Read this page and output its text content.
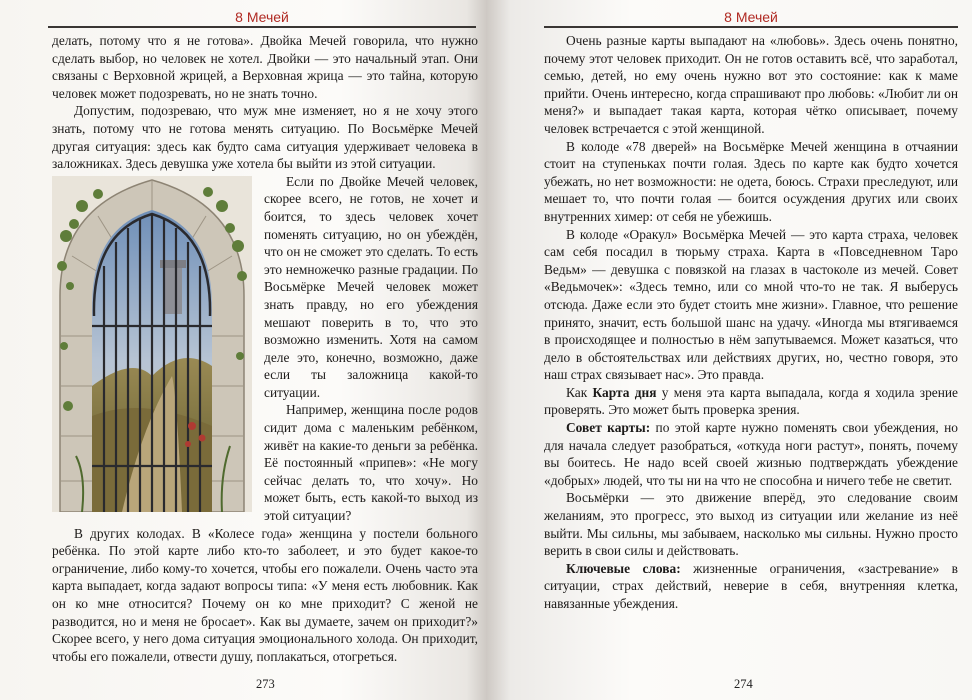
8 Мечей

делать, потому что я не готова». Двойка Мечей говорила, что нужно сделать выбор, но человек не хотел. Двойки — это начальный этап. Они связаны с Верховной жрицей, а Верховная жрица — это тайна, которую человек может подозревать, но не знать точно.

Допустим, подозреваю, что муж мне изменяет, но я не хочу этого знать, потому что не готова менять ситуацию. По Восьмёрке Мечей другая ситуация: здесь как будто сама ситуация удерживает человека в заложниках. Здесь девушка уже хотела бы выйти из этой ситуации.

Если по Двойке Мечей человек, скорее всего, не готов, не хочет и боится, то здесь человек хочет поменять ситуацию, но он убеждён, что он не сможет это сделать. То есть это немножечко разные градации. По Восьмёрке Мечей человек может знать правду, но его убеждения мешают поверить в то, что это возможно изменить. Хотя на самом деле это, конечно, возможно, даже если ты заложница какой-то ситуации.

Например, женщина после родов сидит дома с маленьким ребёнком, живёт на какие-то деньги за ребёнка. Её постоянный «припев»: «Не могу сейчас делать то, что хочу». Но может быть, есть какой-то выход из этой ситуации?

В других колодах. В «Колесе года» женщина у постели больного ребёнка. По этой карте либо кто-то заболеет, и это будет какое-то ограничение, либо кому-то хочется, чтобы его пожалели. Очень часто эта карта выпадает, когда задают вопросы типа: «У меня есть любовник. Как он ко мне относится? Почему он ко мне приходит? С женой не разводится, но и меня не бросает». Как вы думаете, зачем он приходит?» Скорее всего, у него дома ситуация эмоционального холода. Он приходит, чтобы его пожалели, отвести душу, поплакаться, отогреться.

273
8 Мечей

Очень разные карты выпадают на «любовь». Здесь очень понятно, почему этот человек приходит. Он не готов оставить всё, что заработал, семью, детей, но ему очень нужно вот это состояние: как к маме прийти. Очень интересно, когда спрашивают про любовь: «Любит ли он меня?» и выпадает такая карта, которая чётко описывает, почему человек встречается с этой женщиной.

В колоде «78 дверей» на Восьмёрке Мечей женщина в отчаянии стоит на ступеньках почти голая. Здесь по карте как будто хочется убежать, но нет возможности: не одета, боюсь. Страхи преследуют, или мешает то, что почти голая — боится осуждения других или своих внутренних химер: от себя не убежишь.

В колоде «Оракул» Восьмёрка Мечей — это карта страха, человек сам себя посадил в тюрьму страха. Карта в «Повседневном Таро Ведьм» — девушка с повязкой на глазах в частоколе из мечей. Совет «Ведьмочек»: «Здесь темно, или со мной что-то не так. Я выберусь отсюда. Даже если это будет стоить мне жизни». Главное, что решение принято, значит, есть большой шанс на удачу. «Иногда мы втягиваемся в происходящее и полностью в нём запутываемся. Может казаться, что дело в обстоятельствах или действиях других, но, честно говоря, это наш страх связывает нас». Это правда.

Как Карта дня у меня эта карта выпадала, когда я ходила зрение проверять. Это может быть проверка зрения.

Совет карты: по этой карте нужно поменять свои убеждения, но для начала следует разобраться, «откуда ноги растут», понять, почему вы боитесь. Не надо всей своей жизнью подтверждать убеждение «добрых» людей, что ты ни на что не способна и ничего тебе не светит.

Восьмёрки — это движение вперёд, это следование своим желаниям, это прогресс, это выход из ситуации или желание из неё выйти. Мы сильны, мы забываем, насколько мы сильны. Нужно просто верить в свои силы и действовать.

Ключевые слова: жизненные ограничения, «застревание» в ситуации, страх действий, неверие в себя, внутренняя клетка, навязанные убеждения.

274
